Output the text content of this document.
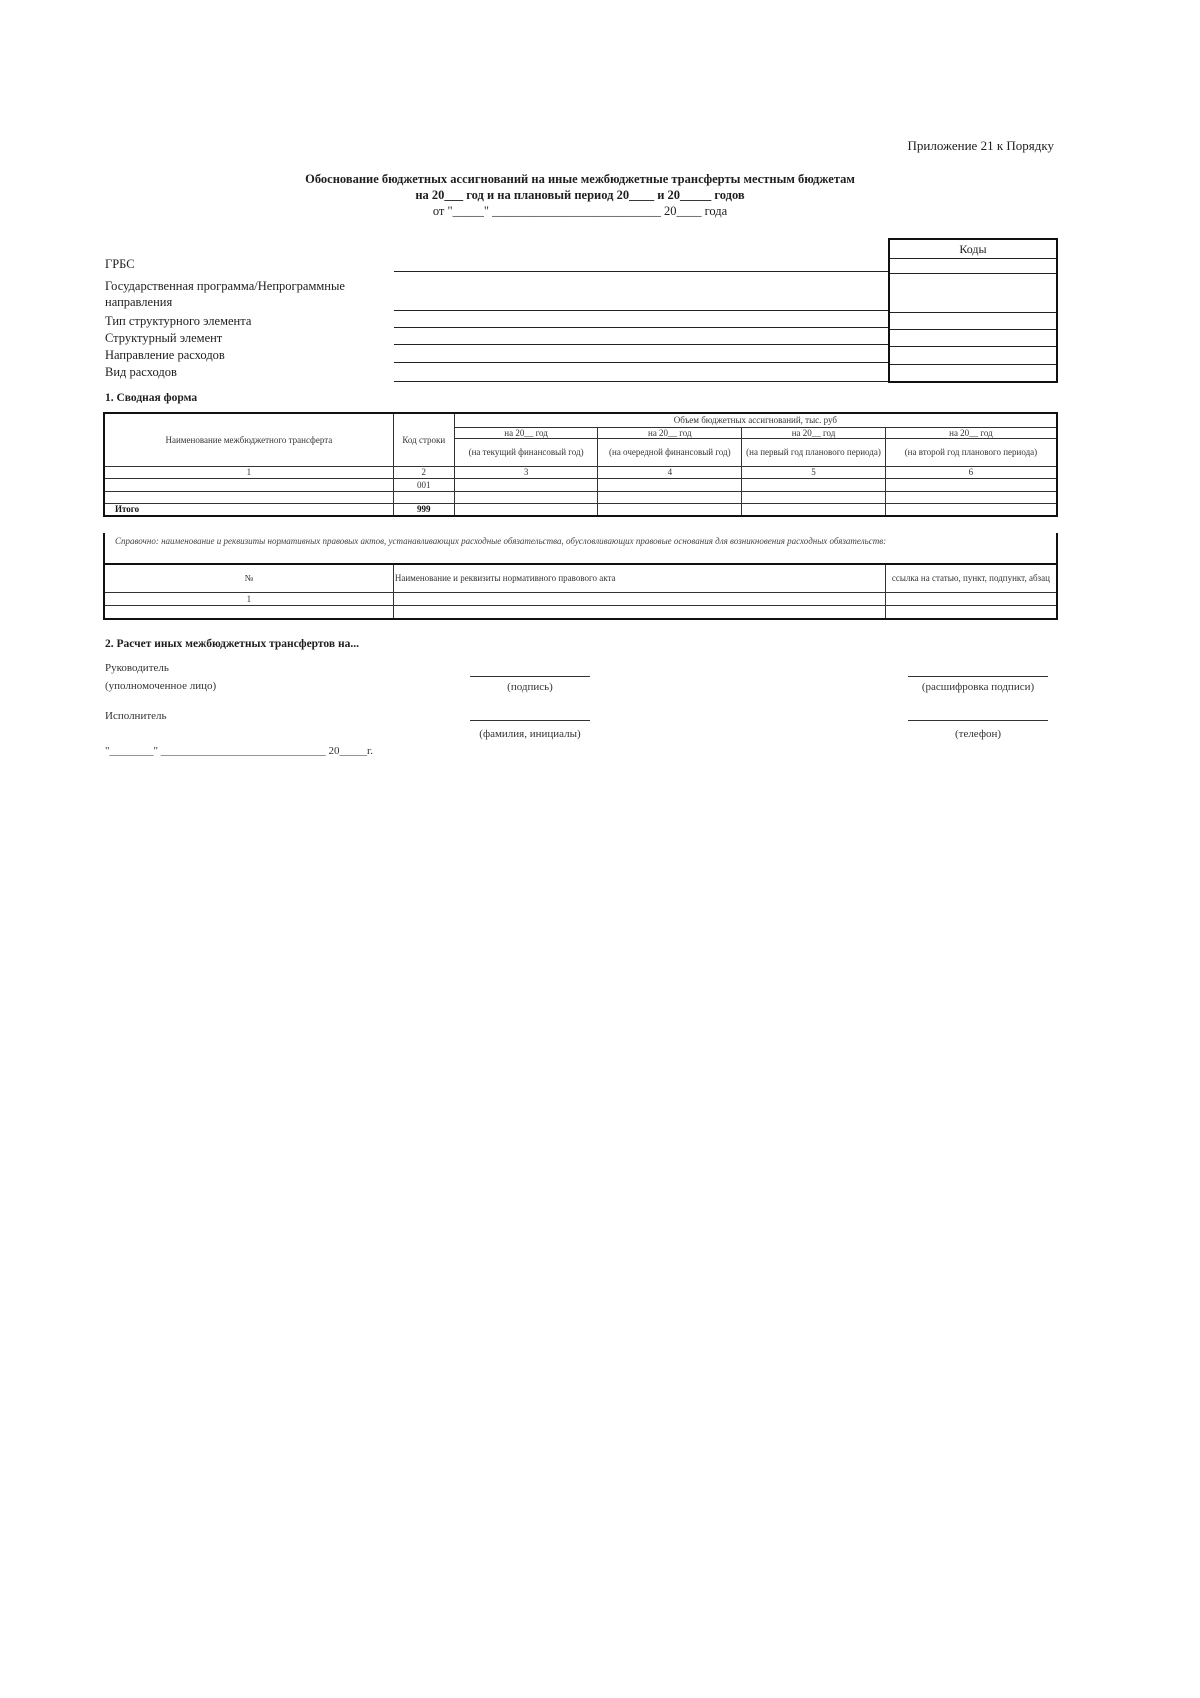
Приложение 21 к Порядку
Обоснование бюджетных ассигнований на иные межбюджетные трансферты местным бюджетам
на 20___ год и на плановый период 20____ и 20_____ годов
от "_____" ___________________________ 20____ года
ГРБС
Государственная программа/Непрограммные направления
Тип структурного элемента
Структурный элемент
Направление расходов
Вид расходов
Коды
1. Сводная форма
Наименование межбюджетного трансферта	Код строки	Объем бюджетных ассигнований, тыс. руб			
		на 20__ год	на 20__ год	на 20__ год	на 20__ год
		(на текущий финансовый год)	(на очередной финансовый год)	(на первый год планового периода)	(на второй год планового периода)
1	2	3	4	5	6
	001				

Итого	999				
Справочно: наименование и реквизиты нормативных правовых актов, устанавливающих расходные обязательства, обусловливающих правовые основания для возникновения расходных обязательств:
№	Наименование и реквизиты нормативного правового акта	ссылка на статью, пункт, подпункт, абзац
1		

2. Расчет иных межбюджетных трансфертов на...
Руководитель
(уполномоченное лицо)	(подпись)	(расшифровка подписи)
Исполнитель
(фамилия, инициалы)	(телефон)
"________" ______________________________ 20_____г.
